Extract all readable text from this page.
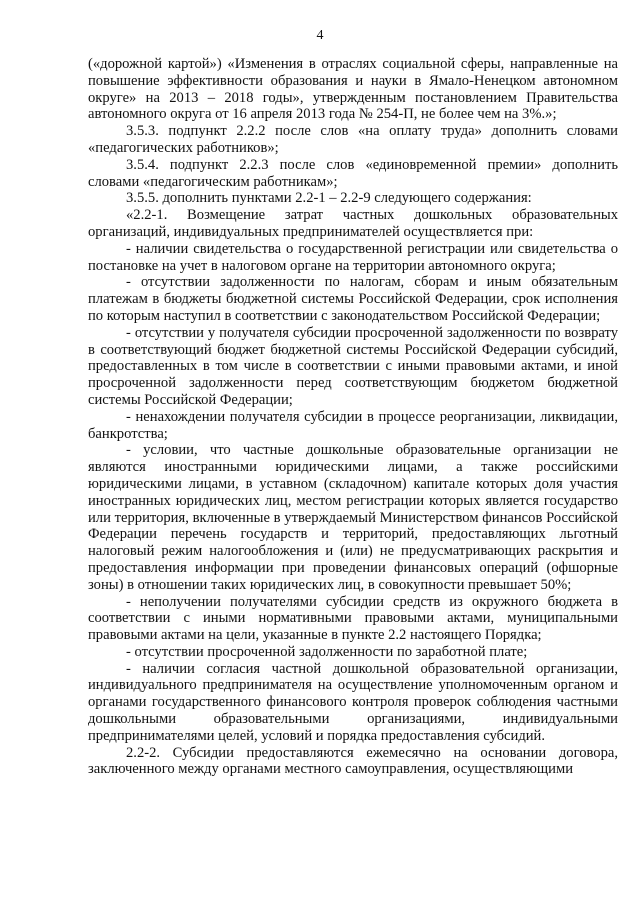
4

(«дорожной картой») «Изменения в отраслях социальной сферы, направленные на повышение эффективности образования и науки в Ямало-Ненецком автономном округе» на 2013 – 2018 годы», утвержденным постановлением Правительства автономного округа от 16 апреля 2013 года № 254-П, не более чем на 3%.»;

3.5.3. подпункт 2.2.2 после слов «на оплату труда» дополнить словами «педагогических работников»;

3.5.4. подпункт 2.2.3 после слов «единовременной премии» дополнить словами «педагогическим работникам»;

3.5.5. дополнить пунктами 2.2-1 – 2.2-9 следующего содержания:

«2.2-1. Возмещение затрат частных дошкольных образовательных организаций, индивидуальных предпринимателей осуществляется при:

- наличии свидетельства о государственной регистрации или свидетельства о постановке на учет в налоговом органе на территории автономного округа;

- отсутствии задолженности по налогам, сборам и иным обязательным платежам в бюджеты бюджетной системы Российской Федерации, срок исполнения по которым наступил в соответствии с законодательством Российской Федерации;

- отсутствии у получателя субсидии просроченной задолженности по возврату в соответствующий бюджет бюджетной системы Российской Федерации субсидий, предоставленных в том числе в соответствии с иными правовыми актами, и иной просроченной задолженности перед соответствующим бюджетом бюджетной системы Российской Федерации;

- ненахождении получателя субсидии в процессе реорганизации, ликвидации, банкротства;

- условии, что частные дошкольные образовательные организации не являются иностранными юридическими лицами, а также российскими юридическими лицами, в уставном (складочном) капитале которых доля участия иностранных юридических лиц, местом регистрации которых является государство или территория, включенные в утверждаемый Министерством финансов Российской Федерации перечень государств и территорий, предоставляющих льготный налоговый режим налогообложения и (или) не предусматривающих раскрытия и предоставления информации при проведении финансовых операций (офшорные зоны) в отношении таких юридических лиц, в совокупности превышает 50%;

- неполучении получателями субсидии средств из окружного бюджета в соответствии с иными нормативными правовыми актами, муниципальными правовыми актами на цели, указанные в пункте 2.2 настоящего Порядка;

- отсутствии просроченной задолженности по заработной плате;

- наличии согласия частной дошкольной образовательной организации, индивидуального предпринимателя на осуществление уполномоченным органом и органами государственного финансового контроля проверок соблюдения частными дошкольными образовательными организациями, индивидуальными предпринимателями целей, условий и порядка предоставления субсидий.

2.2-2. Субсидии предоставляются ежемесячно на основании договора, заключенного между органами местного самоуправления, осуществляющими
